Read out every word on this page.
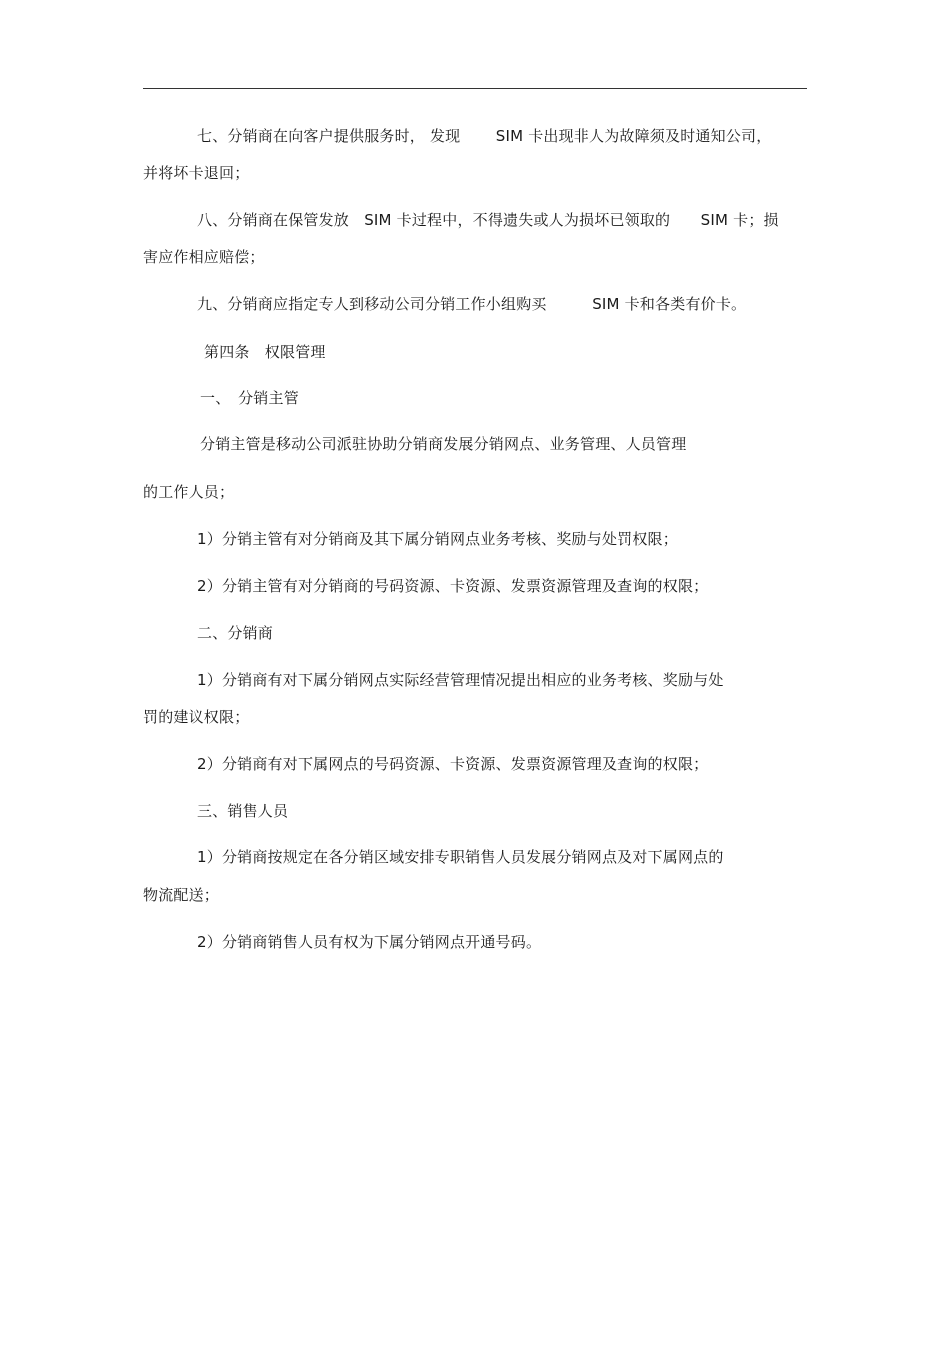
七、分销商在向客户提供服务时， 发现　　 SIM 卡出现非人为故障须及时通知公司，
并将坏卡退回；
八、分销商在保管发放　SIM 卡过程中，不得遗失或人为损坏已领取的　　SIM 卡；损
害应作相应赔偿；
九、分销商应指定专人到移动公司分销工作小组购买　　　SIM 卡和各类有价卡。
第四条　权限管理
一、　分销主管
分销主管是移动公司派驻协助分销商发展分销网点、业务管理、人员管理
的工作人员；
1）分销主管有对分销商及其下属分销网点业务考核、奖励与处罚权限；
2）分销主管有对分销商的号码资源、卡资源、发票资源管理及查询的权限；
二、分销商
1）分销商有对下属分销网点实际经营管理情况提出相应的业务考核、奖励与处
罚的建议权限；
2）分销商有对下属网点的号码资源、卡资源、发票资源管理及查询的权限；
三、销售人员
1）分销商按规定在各分销区域安排专职销售人员发展分销网点及对下属网点的
物流配送；
2）分销商销售人员有权为下属分销网点开通号码。
